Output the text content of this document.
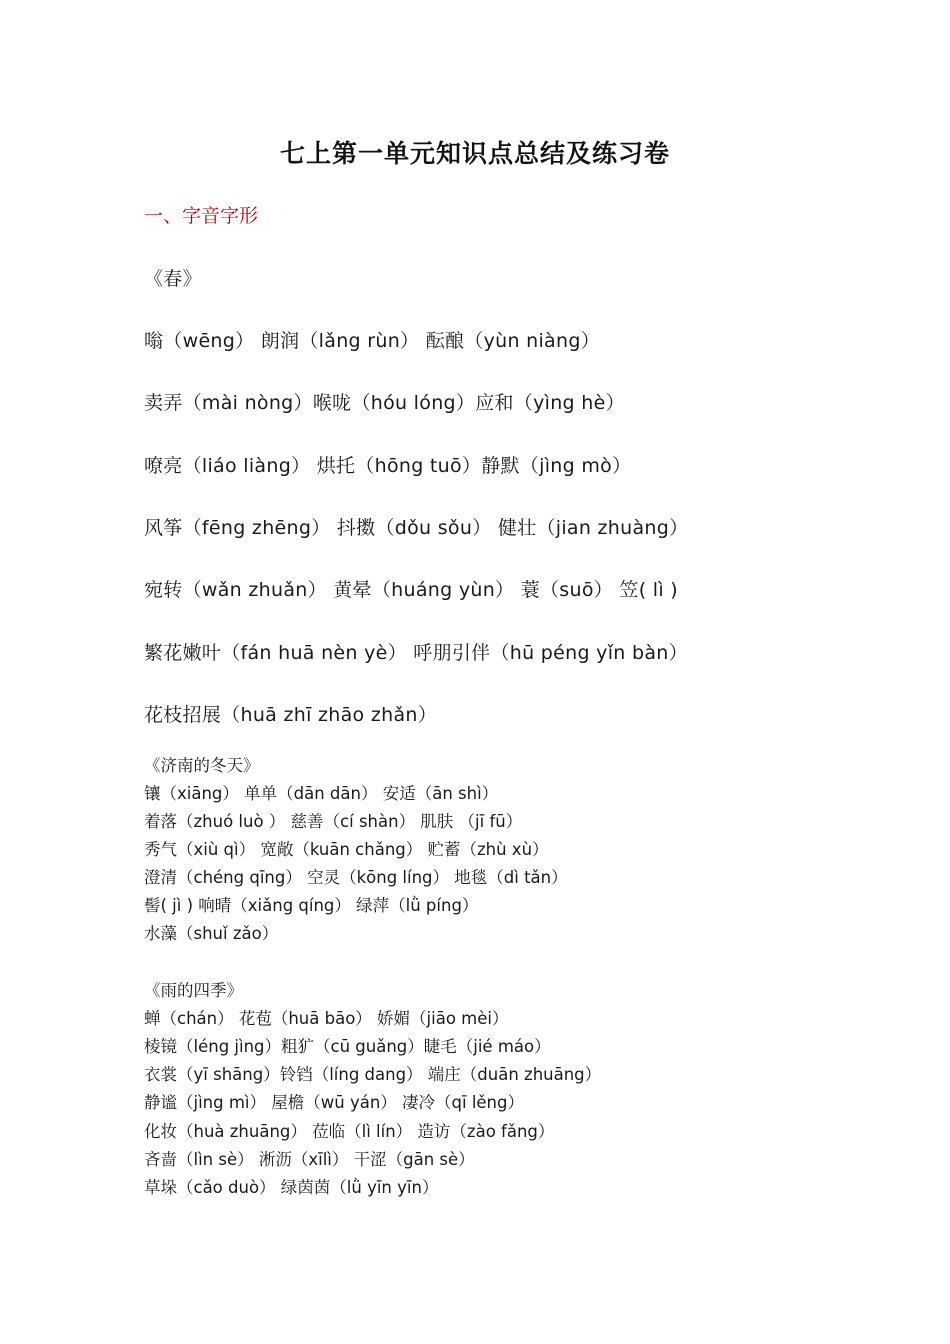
七上第一单元知识点总结及练习卷
一、字音字形
《春》
嗡（wēng） 朗润（lǎng rùn） 酝酿（yùn niàng）
卖弄（mài nòng）喉咙（hóu lóng）应和（yìng hè）
嘹亮（liáo liàng） 烘托（hōng tuō）静默（jìng mò）
风筝（fēng zhēng） 抖擞（dǒu sǒu） 健壮（jian zhuàng）
宛转（wǎn zhuǎn） 黄晕（huáng yùn） 蓑（suō） 笠( lì )
繁花嫩叶（fán huā nèn yè） 呼朋引伴（hū péng yǐn bàn）
花枝招展（huā zhī zhāo zhǎn）
《济南的冬天》
镶（xiāng） 单单（dān dān） 安适（ān shì）
着落（zhuó luò ） 慈善（cí shàn） 肌肤 （jī fū）
秀气（xiù qì） 宽敞（kuān chǎng） 贮蓄（zhù xù）
澄清（chéng qīng） 空灵（kōng líng） 地毯（dì tǎn）
髻( jì ) 响晴（xiǎng qíng） 绿萍（lǜ píng）
水藻（shuǐ zǎo）
《雨的四季》
蝉（chán） 花苞（huā bāo） 娇媚（jiāo mèi）
棱镜（léng jìng）粗犷（cū guǎng）睫毛（jié máo）
衣裳（yī shāng）铃铛（líng dang） 端庄（duān zhuāng）
静谧（jìng mì） 屋檐（wū yán） 凄冷（qī lěng）
化妆（huà zhuāng） 莅临（lì lín） 造访（zào fǎng）
吝啬（lìn sè） 淅沥（xīlì） 干涩（gān sè）
草垛（cǎo duò） 绿茵茵（lǜ yīn yīn）
